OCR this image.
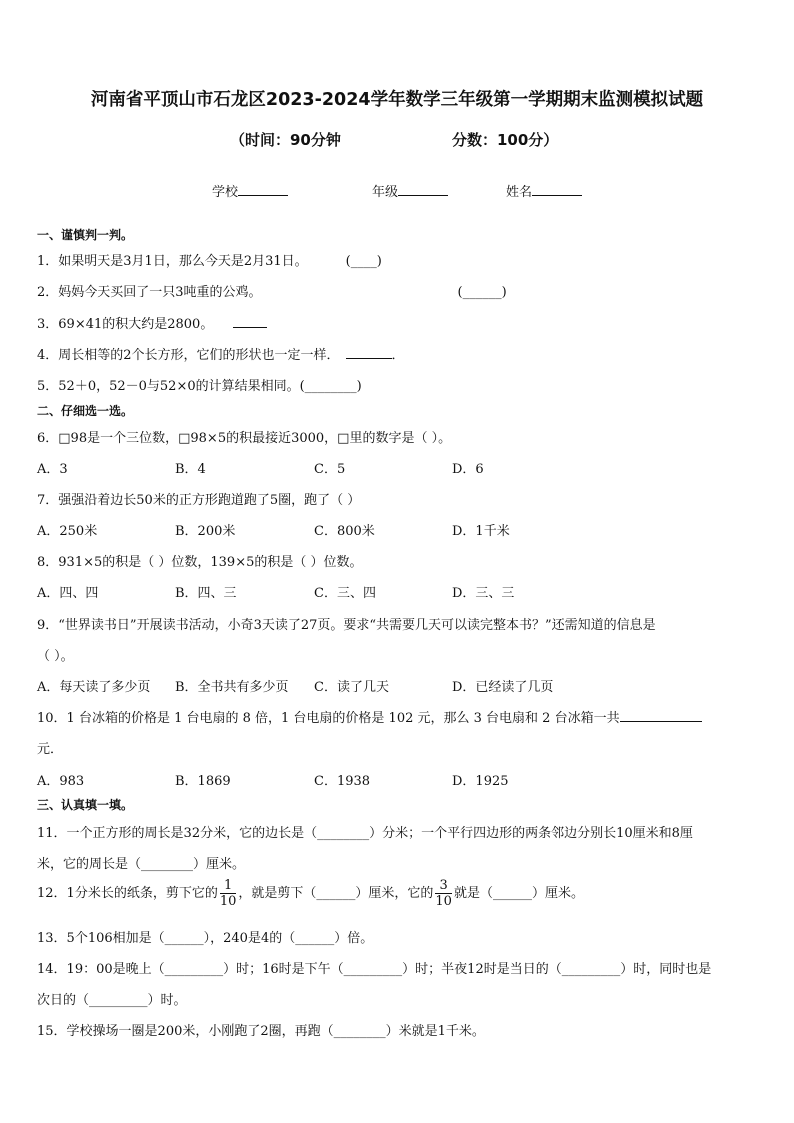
河南省平顶山市石龙区2023-2024学年数学三年级第一学期期末监测模拟试题
（时间：90分钟	分数：100分）
学校	年级	姓名
一、谨慎判一判。
1．如果明天是3月1日，那么今天是2月31日。	(____)
2．妈妈今天买回了一只3吨重的公鸡。	(______)
3．69×41的积大约是2800。
4．周长相等的2个长方形，它们的形状也一定一样．	．
5．52＋0，52－0与52×0的计算结果相同。(________)
二、仔细选一选。
6．□98是一个三位数，□98×5的积最接近3000，□里的数字是（ ）。
A．3	B．4	C．5	D．6
7．强强沿着边长50米的正方形跑道跑了5圈，跑了（ ）
A．250米	B．200米	C．800米	D．1千米
8．931×5的积是（ ）位数，139×5的积是（ ）位数。
A．四、四	B．四、三	C．三、四	D．三、三
9．“世界读书日”开展读书活动，小奇3天读了27页。要求“共需要几天可以读完整本书？”还需知道的信息是
（ ）。
A．每天读了多少页 B．全书共有多少页 C．读了几天	D．已经读了几页
10．1 台冰箱的价格是 1 台电扇的 8 倍，1 台电扇的价格是 102 元，那么 3 台电扇和 2 台冰箱一共
元．
A．983	B．1869	C．1938	D．1925
三、认真填一填。
11．一个正方形的周长是32分米，它的边长是（________）分米；一个平行四边形的两条邻边分别长10厘米和8厘
米，它的周长是（________）厘米。
12．1分米长的纸条，剪下它的 $\frac{1}{10}$ ，就是剪下（______）厘米，它的 $\frac{3}{10}$ 就是（______）厘米。
13．5个106相加是（______），240是4的（______）倍。
14．19：00是晚上（_________）时；16时是下午（_________）时；半夜12时是当日的（_________）时，同时也是
次日的（_________）时。
15．学校操场一圈是200米，小刚跑了2圈，再跑（________）米就是1千米。
